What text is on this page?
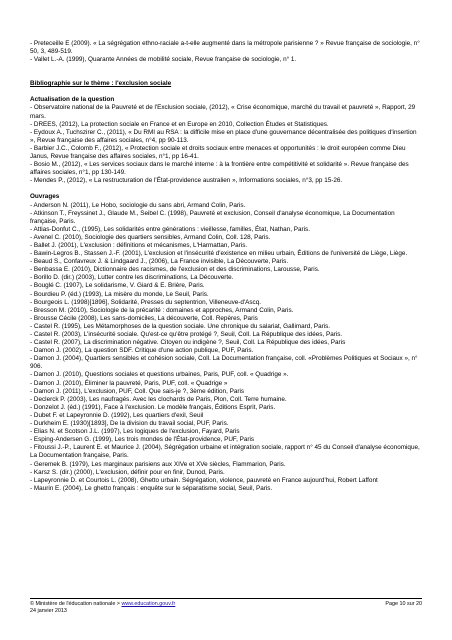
- Preteceille E (2009). « La ségrégation ethno-raciale a-t-elle augmenté dans la métropole parisienne ? » Revue française de sociologie, n° 50, 3, 489-519.

- Vallet L.-A. (1999), Quarante Années de mobilité sociale, Revue française de sociologie, n° 1.

Bibliographie sur le thème : l'exclusion sociale

Actualisation de la question

- Observatoire national de la Pauvreté et de l'Exclusion sociale, (2012), « Crise économique, marché du travail et pauvreté », Rapport, 29 mars.

- DREES, (2012), La protection sociale en France et en Europe en 2010, Collection Études et Statistiques.

- Eydoux A., Tuchszirer C., (2011), « Du RMI au RSA : la difficile mise en place d'une gouvernance décentralisée des politiques d'insertion », Revue française des affaires sociales, n°4, pp 90-113.

- Barbier J.C., Colomb F., (2012), « Protection sociale et droits sociaux entre menaces et opportunités : le droit européen comme Dieu Janus, Revue française des affaires sociales, n°1, pp 16-41.

- Bosio M., (2012), « Les services sociaux dans le marché interne : à la frontière entre compétitivité et solidarité ». Revue française des affaires sociales, n°1, pp 130-149.

- Mendes P., (2012), « La restructuration de l'État-providence australien », Informations sociales, n°3, pp 15-26.

Ouvrages

- Anderson N. (2011), Le Hobo, sociologie du sans abri, Armand Colin, Paris.

- Atkinson T., Freyssinet J., Glaude M., Seibel C. (1998), Pauvreté et exclusion, Conseil d'analyse économique, La Documentation française, Paris.

- Attias-Donfut C., (1995), Les solidarités entre générations : vieillesse, familles, État, Nathan, Paris.

- Avenel C. (2010), Sociologie des quartiers sensibles, Armand Colin, Coll. 128, Paris.

- Ballet J. (2001), L'exclusion : définitions et mécanismes, L'Harmattan, Paris.

- Bawin-Legros B., Stassen J.-F. (2001), L'exclusion et l'insécurité d'existence en milieu urbain, Éditions de l'université de Liège, Liège.

- Beaud S., Confavreux J. & Lindgaard J., (2006), La France invisible, La Découverte, Paris.

- Benbassa E. (2010), Dictionnaire des racismes, de l'exclusion et des discriminations, Larousse, Paris.

- Borillo D. (dir.) (2003), Lutter contre les discriminations, La Découverte.

- Bouglé C. (1907), Le solidarisme, V. Giard & E. Brière, Paris.

- Bourdieu P. (éd.) (1993), La misère du monde, Le Seuil, Paris.

- Bourgeois L. (1998)[1896], Solidarité, Presses du septentrion, Villeneuve-d'Ascq.

- Bresson M. (2010), Sociologie de la précarité : domaines et approches, Armand Colin, Paris.

- Brousse Cécile (2008), Les sans-domiciles, La découverte, Coll. Repères, Paris

- Castel R. (1995), Les Métamorphoses de la question sociale. Une chronique du salariat, Gallimard, Paris.

- Castel R. (2003), L'insécurité sociale. Qu'est-ce qu'être protégé ?, Seuil, Coll. La République des idées, Paris.

- Castel R. (2007), La discrimination négative. Citoyen ou indigène ?, Seuil, Coll. La République des idées, Paris

- Damon J. (2002), La question SDF. Critique d'une action publique, PUF, Paris.

- Damon J. (2004), Quartiers sensibles et cohésion sociale, Coll. La Documentation française, coll. «Problèmes Politiques et Sociaux », n° 906.

- Damon J. (2010), Questions sociales et questions urbaines, Paris, PUF, coll. « Quadrige ».

- Damon J. (2010), Éliminer la pauvreté, Paris, PUF, coll. « Quadrige »

- Damon J. (2011), L'exclusion, PUF, Coll. Que sais-je ?, 3ème édition, Paris

- Declerck P. (2003), Les naufragés. Avec les clochards de Paris, Plon, Coll. Terre humaine.

- Donzelot J. (éd.) (1991), Face à l'exclusion. Le modèle français, Éditions Esprit, Paris.

- Dubet F. et Lapeyronnie D. (1992), Les quartiers d'exil, Seuil

- Durkheim E. (1930)[1893], De la division du travail social, PUF, Paris.

- Elias N. et Scotson J.L. (1997), Les logiques de l'exclusion, Fayard, Paris

- Esping-Andersen G. (1999), Les trois mondes de l'État-providence, PUF, Paris

- Fitoussi J.-P., Laurent E. et Maurice J. (2004), Ségrégation urbaine et intégration sociale, rapport n° 45 du Conseil d'analyse économique, La Documentation française, Paris.

- Geremek B. (1979), Les marginaux parisiens aux XIVe et XVe siècles, Flammarion, Paris.

- Karsz S. (dir.) (2000), L'exclusion, définir pour en finir, Dunod, Paris.

- Lapeyronnie D. et Courtois L. (2008), Ghetto urbain. Ségrégation, violence, pauvreté en France aujourd'hui, Robert Laffont

- Maurin E. (2004), Le ghetto français : enquête sur le séparatisme social, Seuil, Paris.

© Ministère de l'éducation nationale > www.education.gouv.fr	Page 10 sur 20
24 janvier 2013
